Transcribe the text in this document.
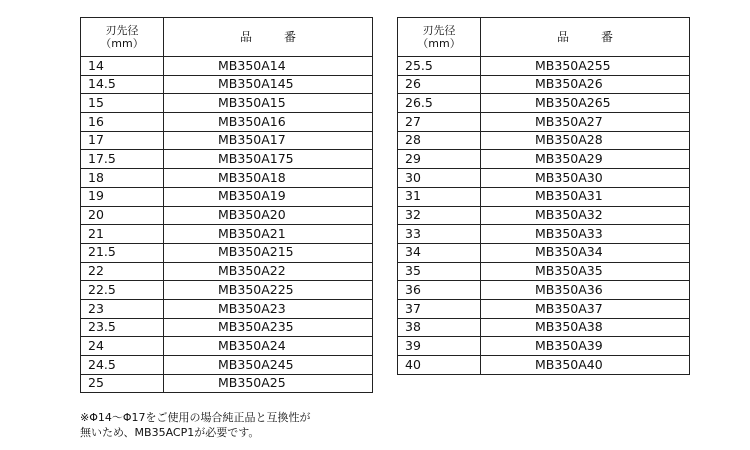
刃先径
（mm）	品　番
14	MB350A14
14.5	MB350A145
15	MB350A15
16	MB350A16
17	MB350A17
17.5	MB350A175
18	MB350A18
19	MB350A19
20	MB350A20
21	MB350A21
21.5	MB350A215
22	MB350A22
22.5	MB350A225
23	MB350A23
23.5	MB350A235
24	MB350A24
24.5	MB350A245
25	MB350A25
刃先径
（mm）	品　番
25.5	MB350A255
26	MB350A26
26.5	MB350A265
27	MB350A27
28	MB350A28
29	MB350A29
30	MB350A30
31	MB350A31
32	MB350A32
33	MB350A33
34	MB350A34
35	MB350A35
36	MB350A36
37	MB350A37
38	MB350A38
39	MB350A39
40	MB350A40
※Φ14～Φ17をご使用の場合純正品と互換性が
無いため、MB35ACP1が必要です。
